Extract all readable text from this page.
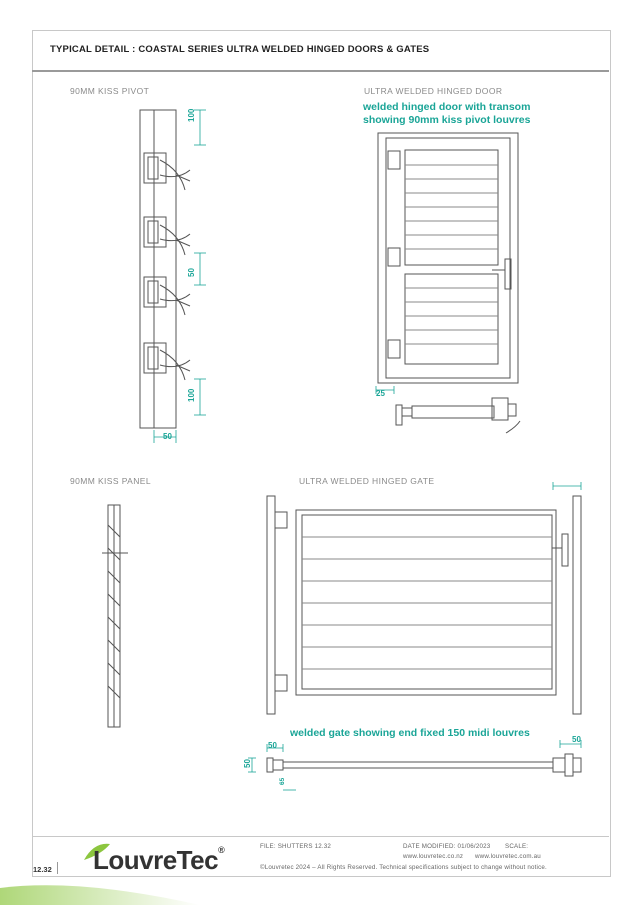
TYPICAL DETAIL : COASTAL SERIES ULTRA WELDED HINGED DOORS & GATES
90MM KISS PIVOT	ULTRA WELDED HINGED DOOR
welded hinged door with transom
showing 90mm kiss pivot louvres
90MM KISS PANEL	ULTRA WELDED HINGED GATE
welded gate showing end fixed 150 midi louvres
100
50
100
50
25
50
50
50
65
FILE: SHUTTERS 12.32	DATE MODIFIED: 01/06/2023 SCALE:
www.louvretec.co.nz www.louvretec.com.au
©Louvretec 2024 – All Rights Reserved. Technical specifications subject to change without notice.
12.32 LouvreTec®
